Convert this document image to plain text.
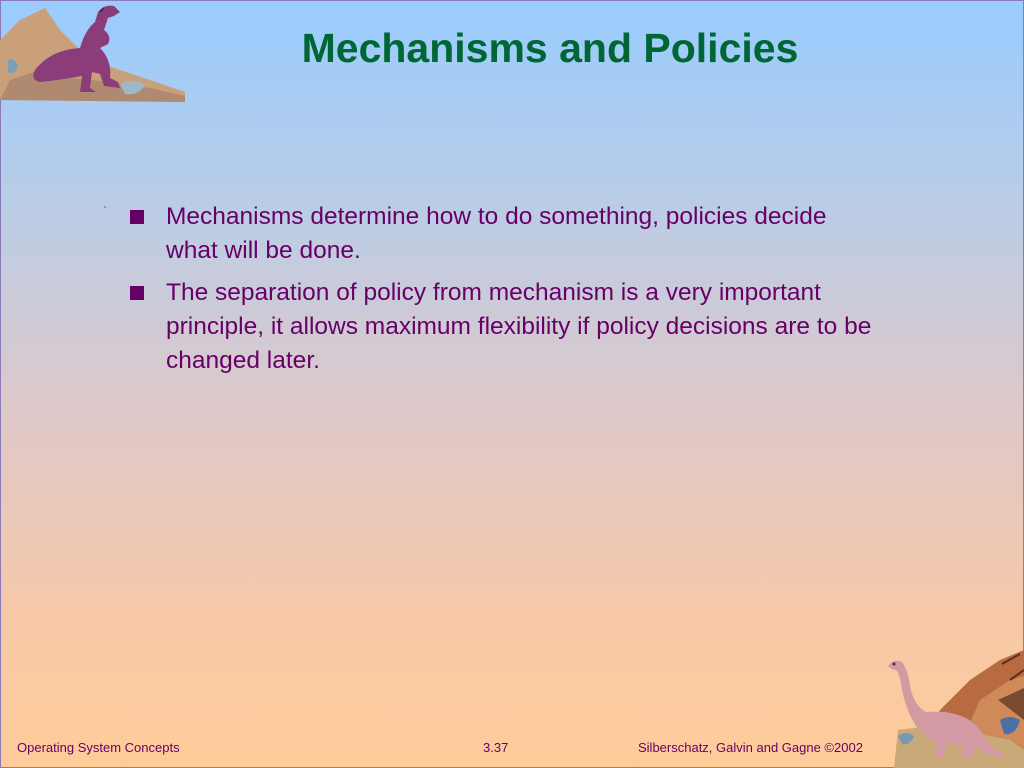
Mechanisms and Policies
Mechanisms determine how to do something, policies decide what will be done.
The separation of policy from mechanism is a very important principle, it allows maximum flexibility if policy decisions are to be changed later.
Operating System Concepts	3.37	Silberschatz, Galvin and Gagne ©2002
